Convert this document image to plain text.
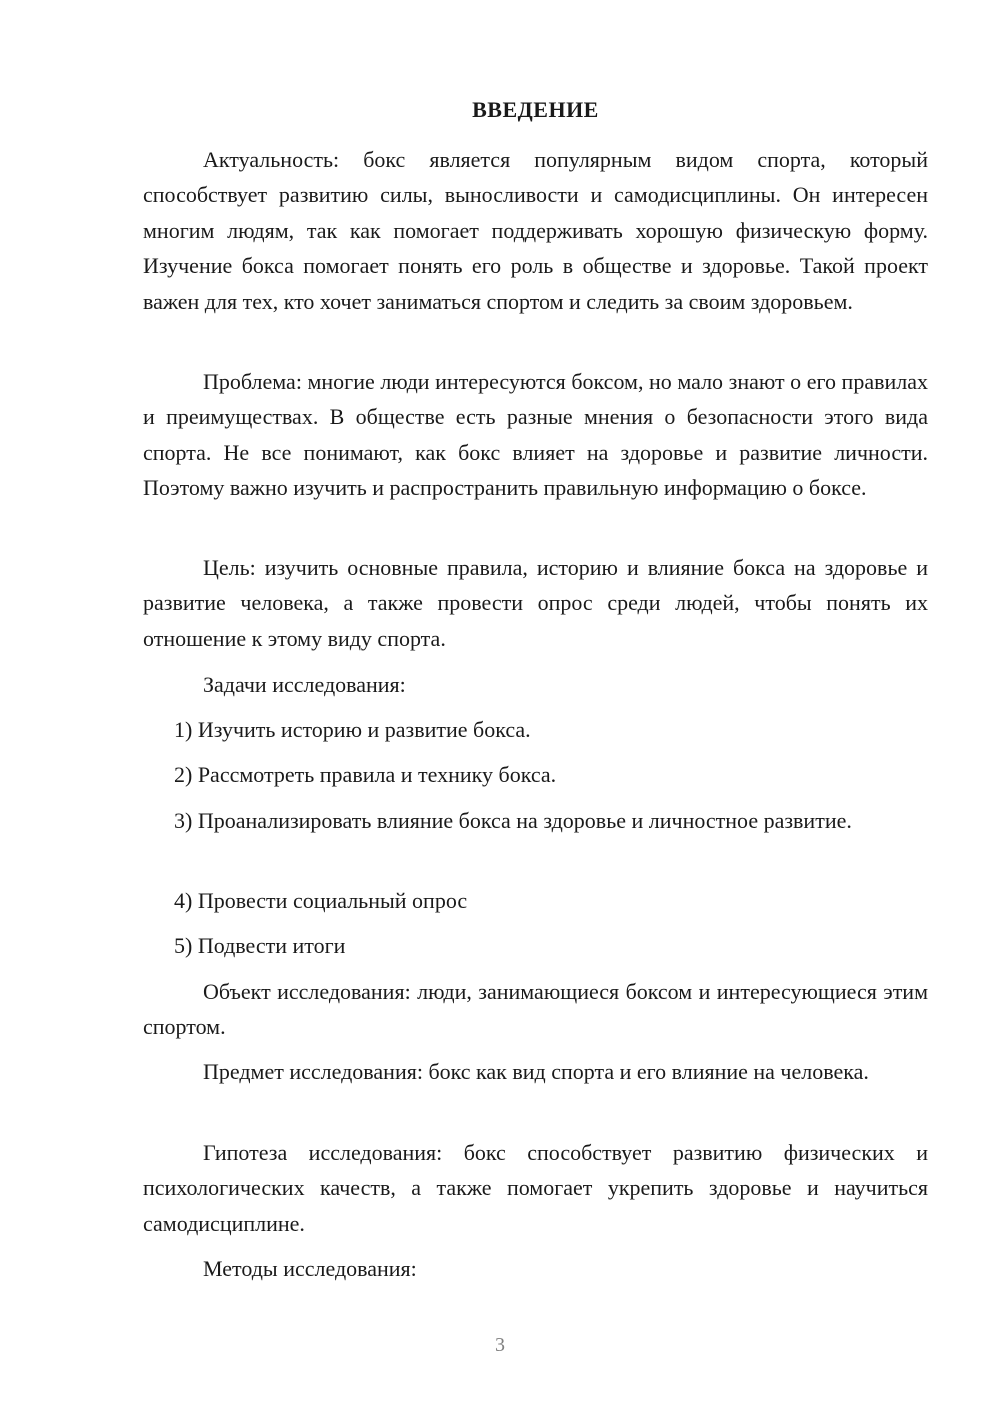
ВВЕДЕНИЕ

Актуальность: бокс является популярным видом спорта, который способствует развитию силы, выносливости и самодисциплины. Он интересен многим людям, так как помогает поддерживать хорошую физическую форму. Изучение бокса помогает понять его роль в обществе и здоровье. Такой проект важен для тех, кто хочет заниматься спортом и следить за своим здоровьем.

Проблема: многие люди интересуются боксом, но мало знают о его правилах и преимуществах. В обществе есть разные мнения о безопасности этого вида спорта. Не все понимают, как бокс влияет на здоровье и развитие личности. Поэтому важно изучить и распространить правильную информацию о боксе.

Цель: изучить основные правила, историю и влияние бокса на здоровье и развитие человека, а также провести опрос среди людей, чтобы понять их отношение к этому виду спорта.

Задачи исследования:

1) Изучить историю и развитие бокса.

2) Рассмотреть правила и технику бокса.

3) Проанализировать влияние бокса на здоровье и личностное развитие.

4) Провести социальный опрос

5) Подвести итоги

Объект исследования: люди, занимающиеся боксом и интересующиеся этим спортом.

Предмет исследования: бокс как вид спорта и его влияние на человека.

Гипотеза исследования: бокс способствует развитию физических и психологических качеств, а также помогает укрепить здоровье и научиться самодисциплине.

Методы исследования:

3
